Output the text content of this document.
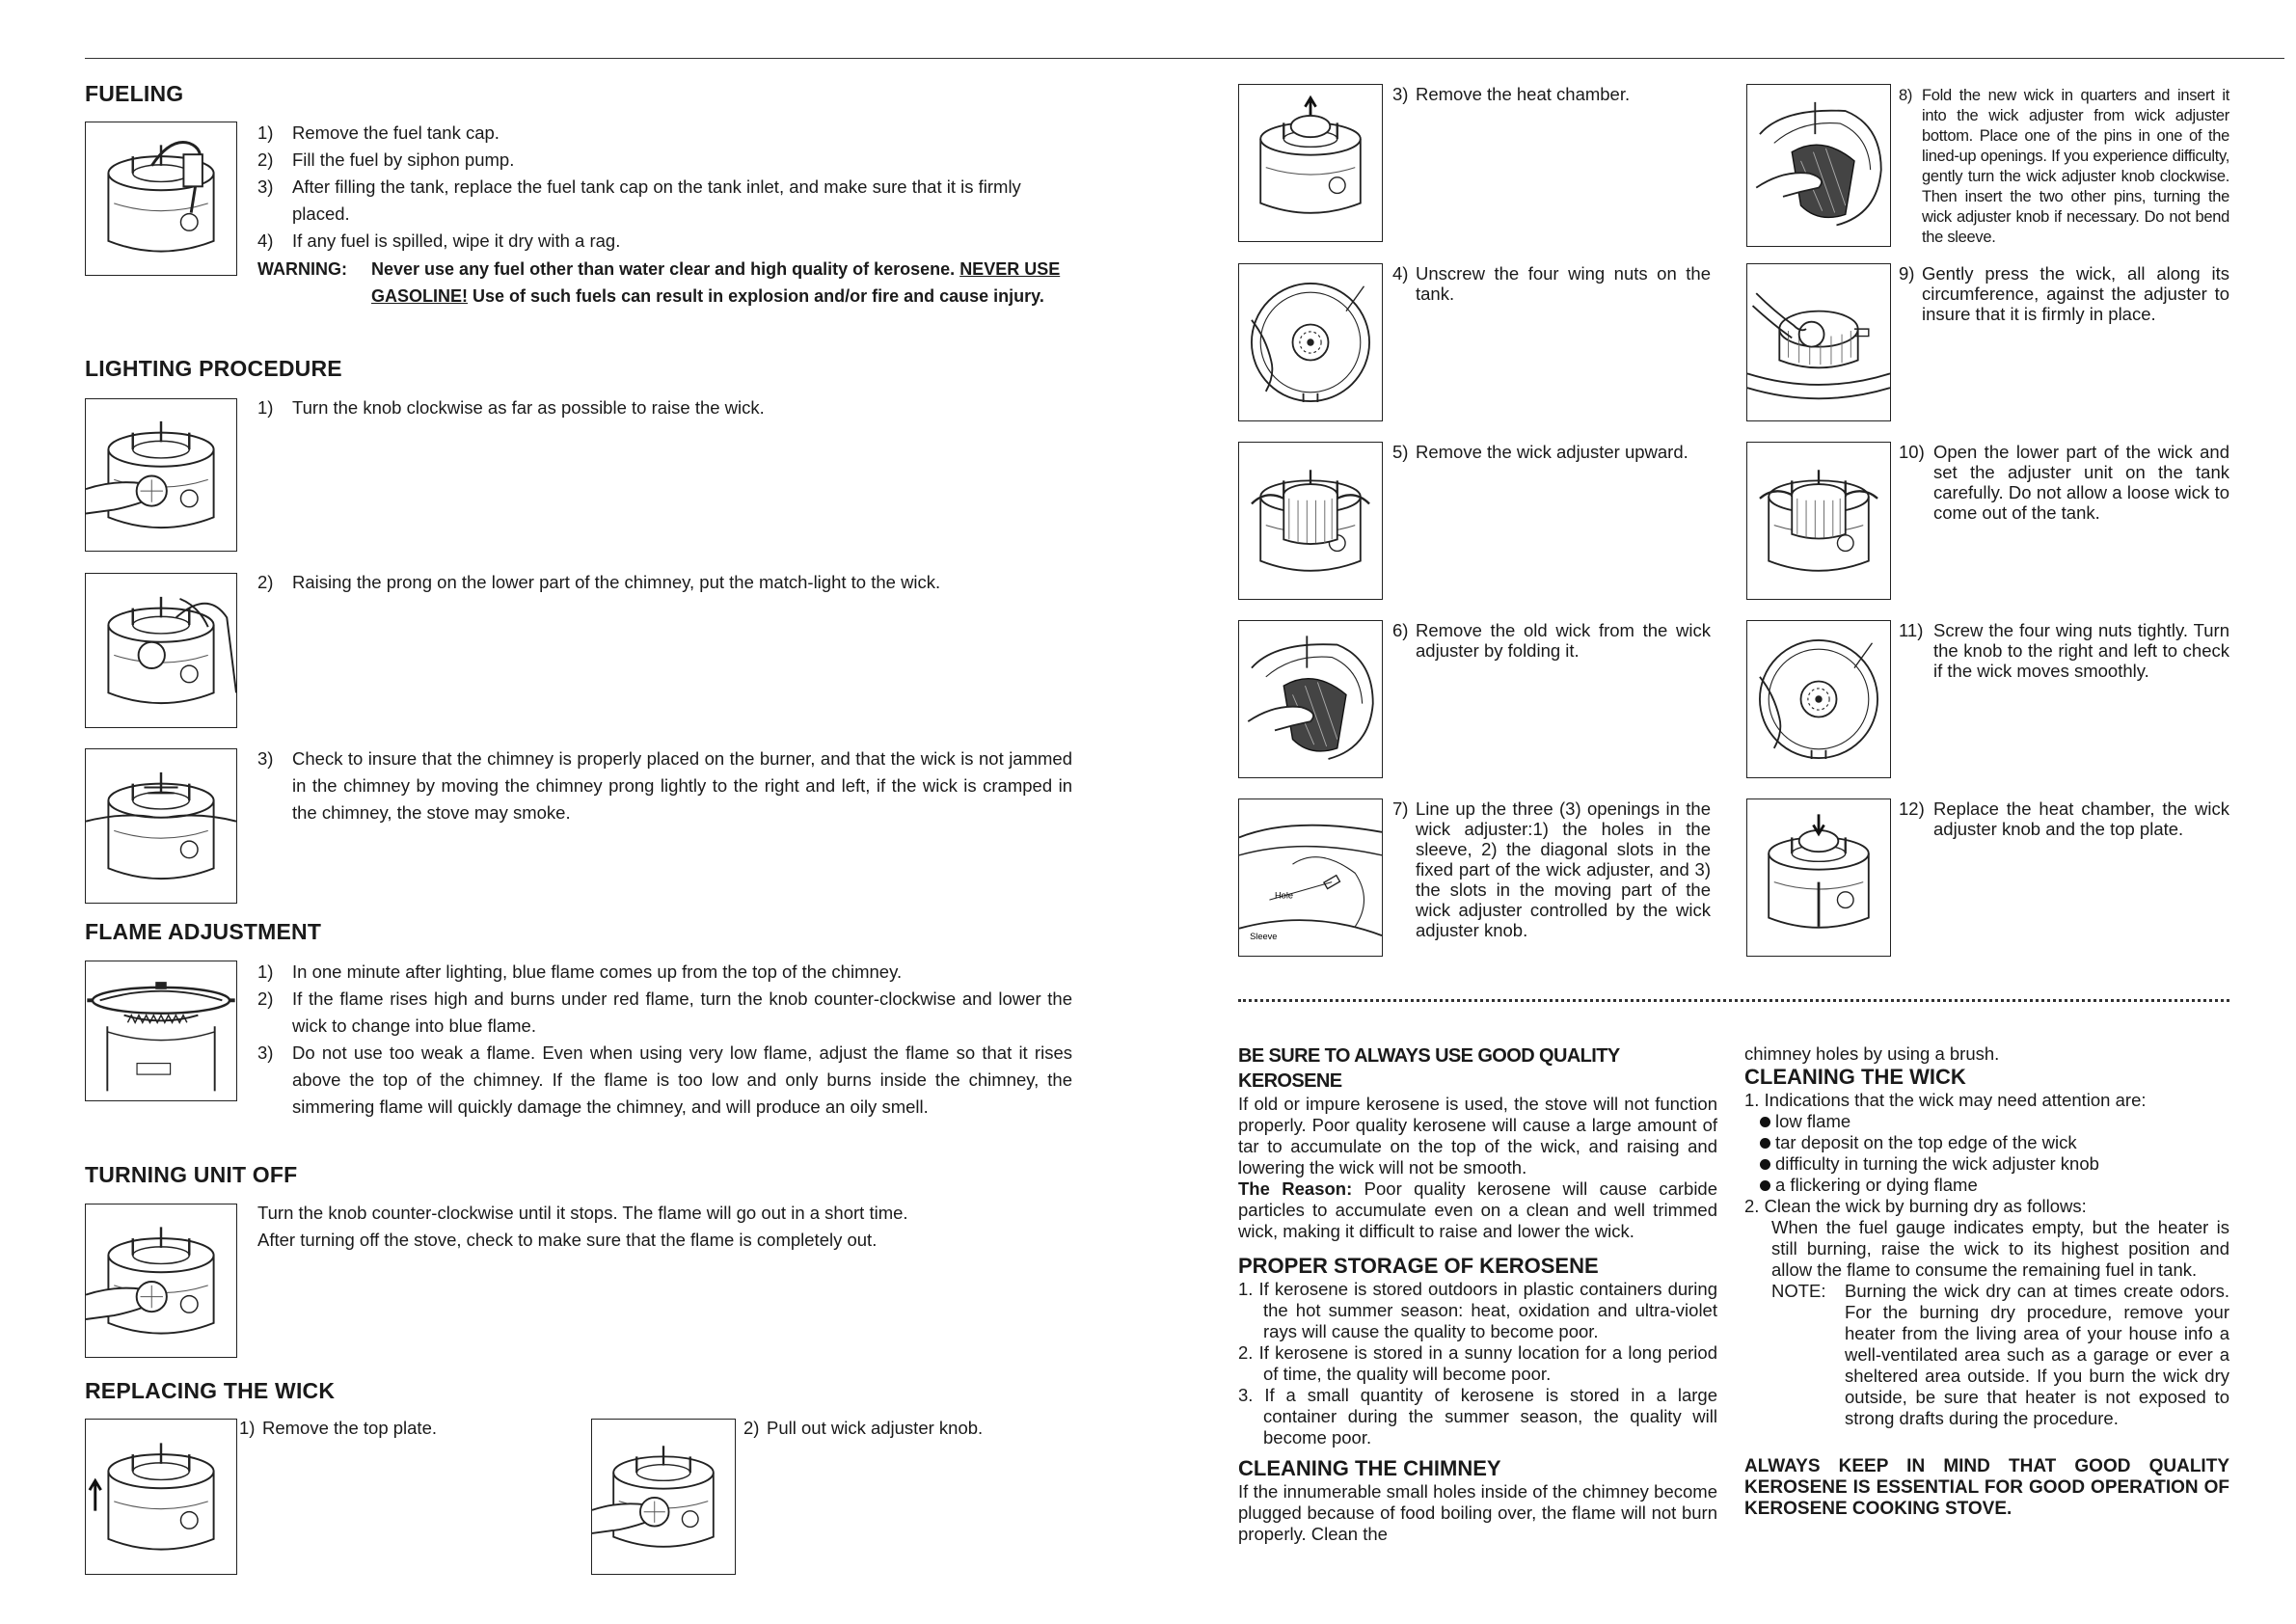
FUELING
1) Remove the fuel tank cap.
2) Fill the fuel by siphon pump.
3) After filling the tank, replace the fuel tank cap on the tank inlet, and make sure that it is firmly placed.
4) If any fuel is spilled, wipe it dry with a rag.
WARNING: Never use any fuel other than water clear and high quality of kerosene. NEVER USE GASOLINE! Use of such fuels can result in explosion and/or fire and cause injury.
LIGHTING PROCEDURE
1) Turn the knob clockwise as far as possible to raise the wick.
2) Raising the prong on the lower part of the chimney, put the match-light to the wick.
3) Check to insure that the chimney is properly placed on the burner, and that the wick is not jammed in the chimney by moving the chimney prong lightly to the right and left, if the wick is cramped in the chimney, the stove may smoke.
FLAME ADJUSTMENT
1) In one minute after lighting, blue flame comes up from the top of the chimney.
2) If the flame rises high and burns under red flame, turn the knob counter-clockwise and lower the wick to change into blue flame.
3) Do not use too weak a flame. Even when using very low flame, adjust the flame so that it rises above the top of the chimney. If the flame is too low and only burns inside the chimney, the simmering flame will quickly damage the chimney, and will produce an oily smell.
TURNING UNIT OFF

Turn the knob counter-clockwise until it stops. The flame will go out in a short time.

After turning off the stove, check to make sure that the flame is completely out.

REPLACING THE WICK
1) Remove the top plate.	2) Pull out wick adjuster knob.
3) Remove the heat chamber.
4) Unscrew the four wing nuts on the tank.
5) Remove the wick adjuster upward.
6) Remove the old wick from the wick adjuster by folding it.
Hole
Sleeve
7) Line up the three (3) openings in the wick adjuster:1) the holes in the sleeve, 2) the diagonal slots in the fixed part of the wick adjuster, and 3) the slots in the moving part of the wick adjuster controlled by the wick adjuster knob.
8) Fold the new wick in quarters and insert it into the wick adjuster from wick adjuster bottom. Place one of the pins in one of the lined-up openings. If you experience difficulty, gently turn the wick adjuster knob clockwise. Then insert the two other pins, turning the wick adjuster knob if necessary. Do not bend the sleeve.
9) Gently press the wick, all along its circumference, against the adjuster to insure that it is firmly in place.
10) Open the lower part of the wick and set the adjuster unit on the tank carefully. Do not allow a loose wick to come out of the tank.
11) Screw the four wing nuts tightly. Turn the knob to the right and left to check if the wick moves smoothly.
12) Replace the heat chamber, the wick adjuster knob and the top plate.
BE SURE TO ALWAYS USE GOOD QUALITY KEROSENE

If old or impure kerosene is used, the stove will not function properly. Poor quality kerosene will cause a large amount of tar to accumulate on the top of the wick, and raising and lowering the wick will not be smooth.

The Reason: Poor quality kerosene will cause carbide particles to accumulate even on a clean and well trimmed wick, making it difficult to raise and lower the wick.

PROPER STORAGE OF KEROSENE
1. If kerosene is stored outdoors in plastic containers during the hot summer season: heat, oxidation and ultra-violet rays will cause the quality to become poor.
2. If kerosene is stored in a sunny location for a long period of time, the quality will become poor.
3. If a small quantity of kerosene is stored in a large container during the summer season, the quality will become poor.
CLEANING THE CHIMNEY

If the innumerable small holes inside of the chimney become plugged because of food boiling over, the flame will not burn properly. Clean the

chimney holes by using a brush.

CLEANING THE WICK
1. Indications that the wick may need attention are:
low flame
tar deposit on the top edge of the wick
difficulty in turning the wick adjuster knob
a flickering or dying flame
2. Clean the wick by burning dry as follows:
When the fuel gauge indicates empty, but the heater is still burning, raise the wick to its highest position and allow the flame to consume the remaining fuel in tank.
NOTE: Burning the wick dry can at times create odors. For the burning dry procedure, remove your heater from the living area of your house info a well-ventilated area such as a garage or ever a sheltered area outside. If you burn the wick dry outside, be sure that heater is not exposed to strong drafts during the procedure.
ALWAYS KEEP IN MIND THAT GOOD QUALITY KEROSENE IS ESSENTIAL FOR GOOD OPERATION OF KEROSENE COOKING STOVE.
